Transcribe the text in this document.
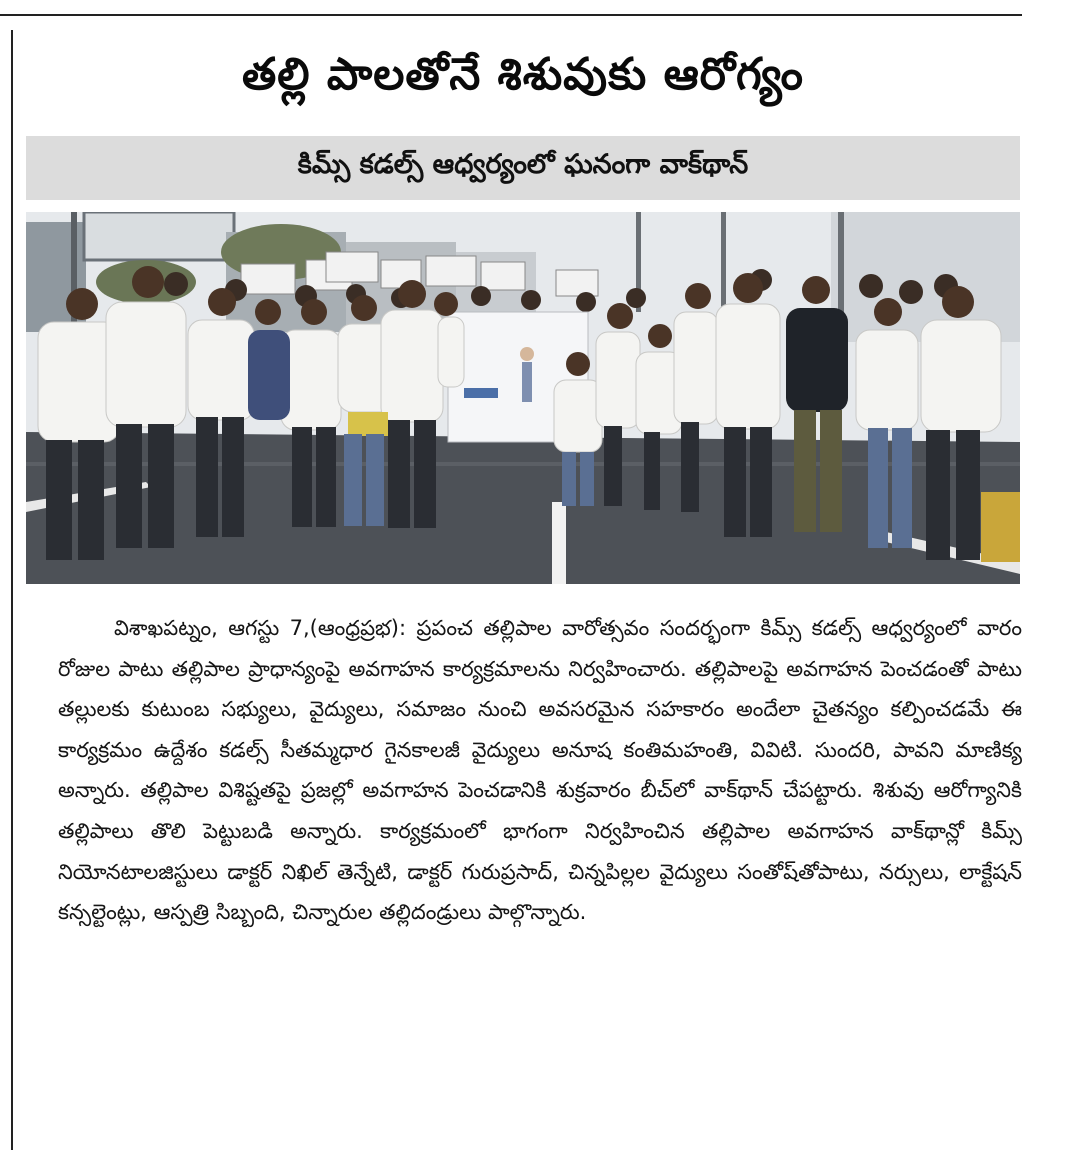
తల్లి పాలతోనే శిశువుకు ఆరోగ్యం
కిమ్స్ కడల్స్ ఆధ్వర్యంలో ఘనంగా వాక్‌థాన్

విశాఖపట్నం, ఆగస్టు 7,(ఆంధ్రప్రభ): ప్రపంచ తల్లిపాల వారోత్సవం సందర్భంగా కిమ్స్ కడల్స్ ఆధ్వర్యంలో వారం రోజుల పాటు తల్లిపాల ప్రాధాన్యంపై అవగాహన కార్యక్రమాలను నిర్వహించారు. తల్లిపాలపై అవగాహన పెంచడంతో పాటు తల్లులకు కుటుంబ సభ్యులు, వైద్యులు, సమాజం నుంచి అవసరమైన సహకారం అందేలా చైతన్యం కల్పించడమే ఈ కార్యక్రమం ఉద్దేశం కడల్స్ సీతమ్మధార గైనకాలజీ వైద్యులు అనూష కంతిమహంతి, వివిటి. సుందరి, పావని మాణిక్య అన్నారు. తల్లిపాల విశిష్టతపై ప్రజల్లో అవగాహన పెంచడానికి శుక్రవారం బీచ్‌లో వాక్‌థాన్ చేపట్టారు. శిశువు ఆరోగ్యానికి తల్లిపాలు తొలి పెట్టుబడి అన్నారు. కార్యక్రమంలో భాగంగా నిర్వహించిన తల్లిపాల అవగాహన వాక్‌థాన్లో కిమ్స్ నియోనటాలజిస్టులు డాక్టర్ నిఖిల్ తెన్నేటి, డాక్టర్ గురుప్రసాద్, చిన్నపిల్లల వైద్యులు సంతోష్‌తోపాటు, నర్సులు, లాక్టేషన్ కన్సల్టెంట్లు, ఆస్పత్రి సిబ్బంది, చిన్నారుల తల్లిదండ్రులు పాల్గొన్నారు.
